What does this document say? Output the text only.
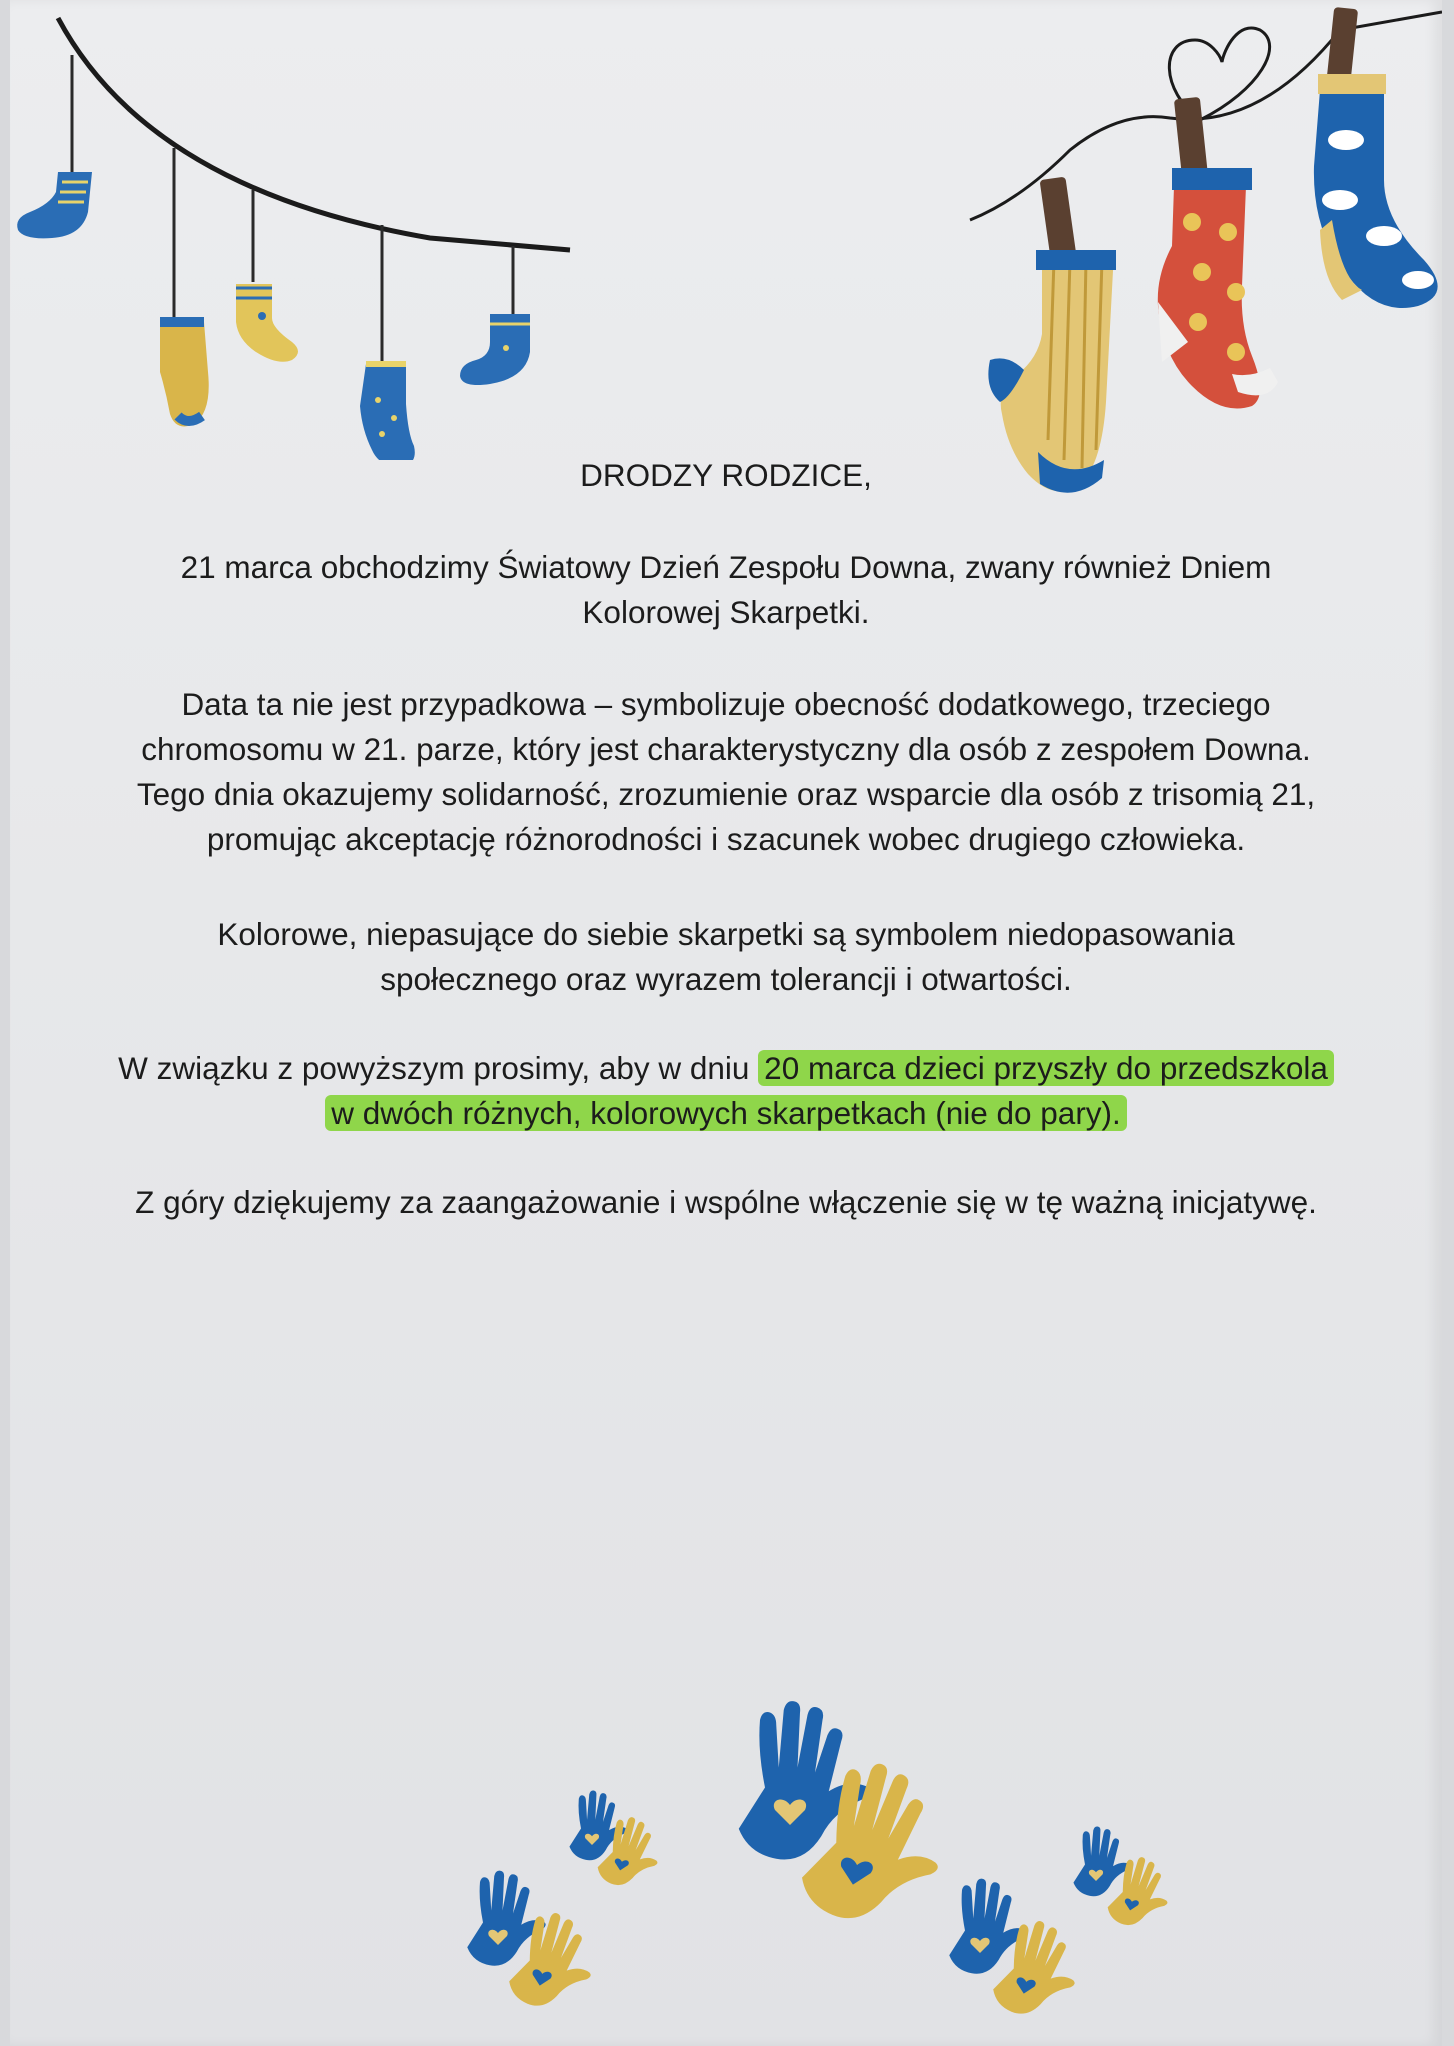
DRODZY RODZICE,
21 marca obchodzimy Światowy Dzień Zespołu Downa, zwany również Dniem
Kolorowej Skarpetki.
Data ta nie jest przypadkowa – symbolizuje obecność dodatkowego, trzeciego
chromosomu w 21. parze, który jest charakterystyczny dla osób z zespołem Downa.
Tego dnia okazujemy solidarność, zrozumienie oraz wsparcie dla osób z trisomią 21,
promując akceptację różnorodności i szacunek wobec drugiego człowieka.
Kolorowe, niepasujące do siebie skarpetki są symbolem niedopasowania
społecznego oraz wyrazem tolerancji i otwartości.
W związku z powyższym prosimy, aby w dniu 20 marca dzieci przyszły do przedszkola
w dwóch różnych, kolorowych skarpetkach (nie do pary).
Z góry dziękujemy za zaangażowanie i wspólne włączenie się w tę ważną inicjatywę.
